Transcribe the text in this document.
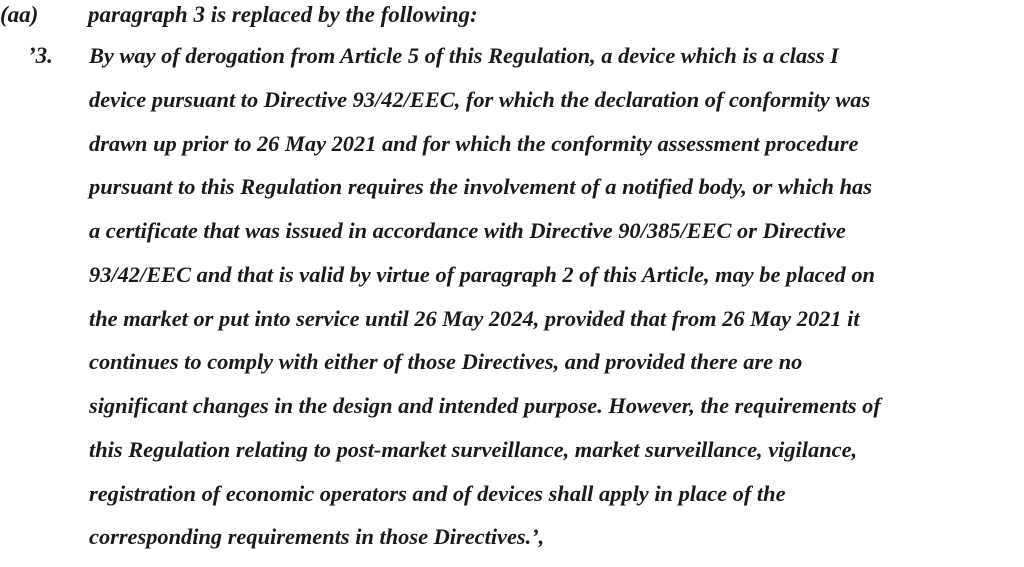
(aa)	paragraph 3 is replaced by the following:
’3. By way of derogation from Article 5 of this Regulation, a device which is a class I
device pursuant to Directive 93/42/EEC, for which the declaration of conformity was
drawn up prior to 26 May 2021 and for which the conformity assessment procedure
pursuant to this Regulation requires the involvement of a notified body, or which has
a certificate that was issued in accordance with Directive 90/385/EEC or Directive
93/42/EEC and that is valid by virtue of paragraph 2 of this Article, may be placed on
the market or put into service until 26 May 2024, provided that from 26 May 2021 it
continues to comply with either of those Directives, and provided there are no
significant changes in the design and intended purpose. However, the requirements of
this Regulation relating to post-market surveillance, market surveillance, vigilance,
registration of economic operators and of devices shall apply in place of the
corresponding requirements in those Directives.’,
